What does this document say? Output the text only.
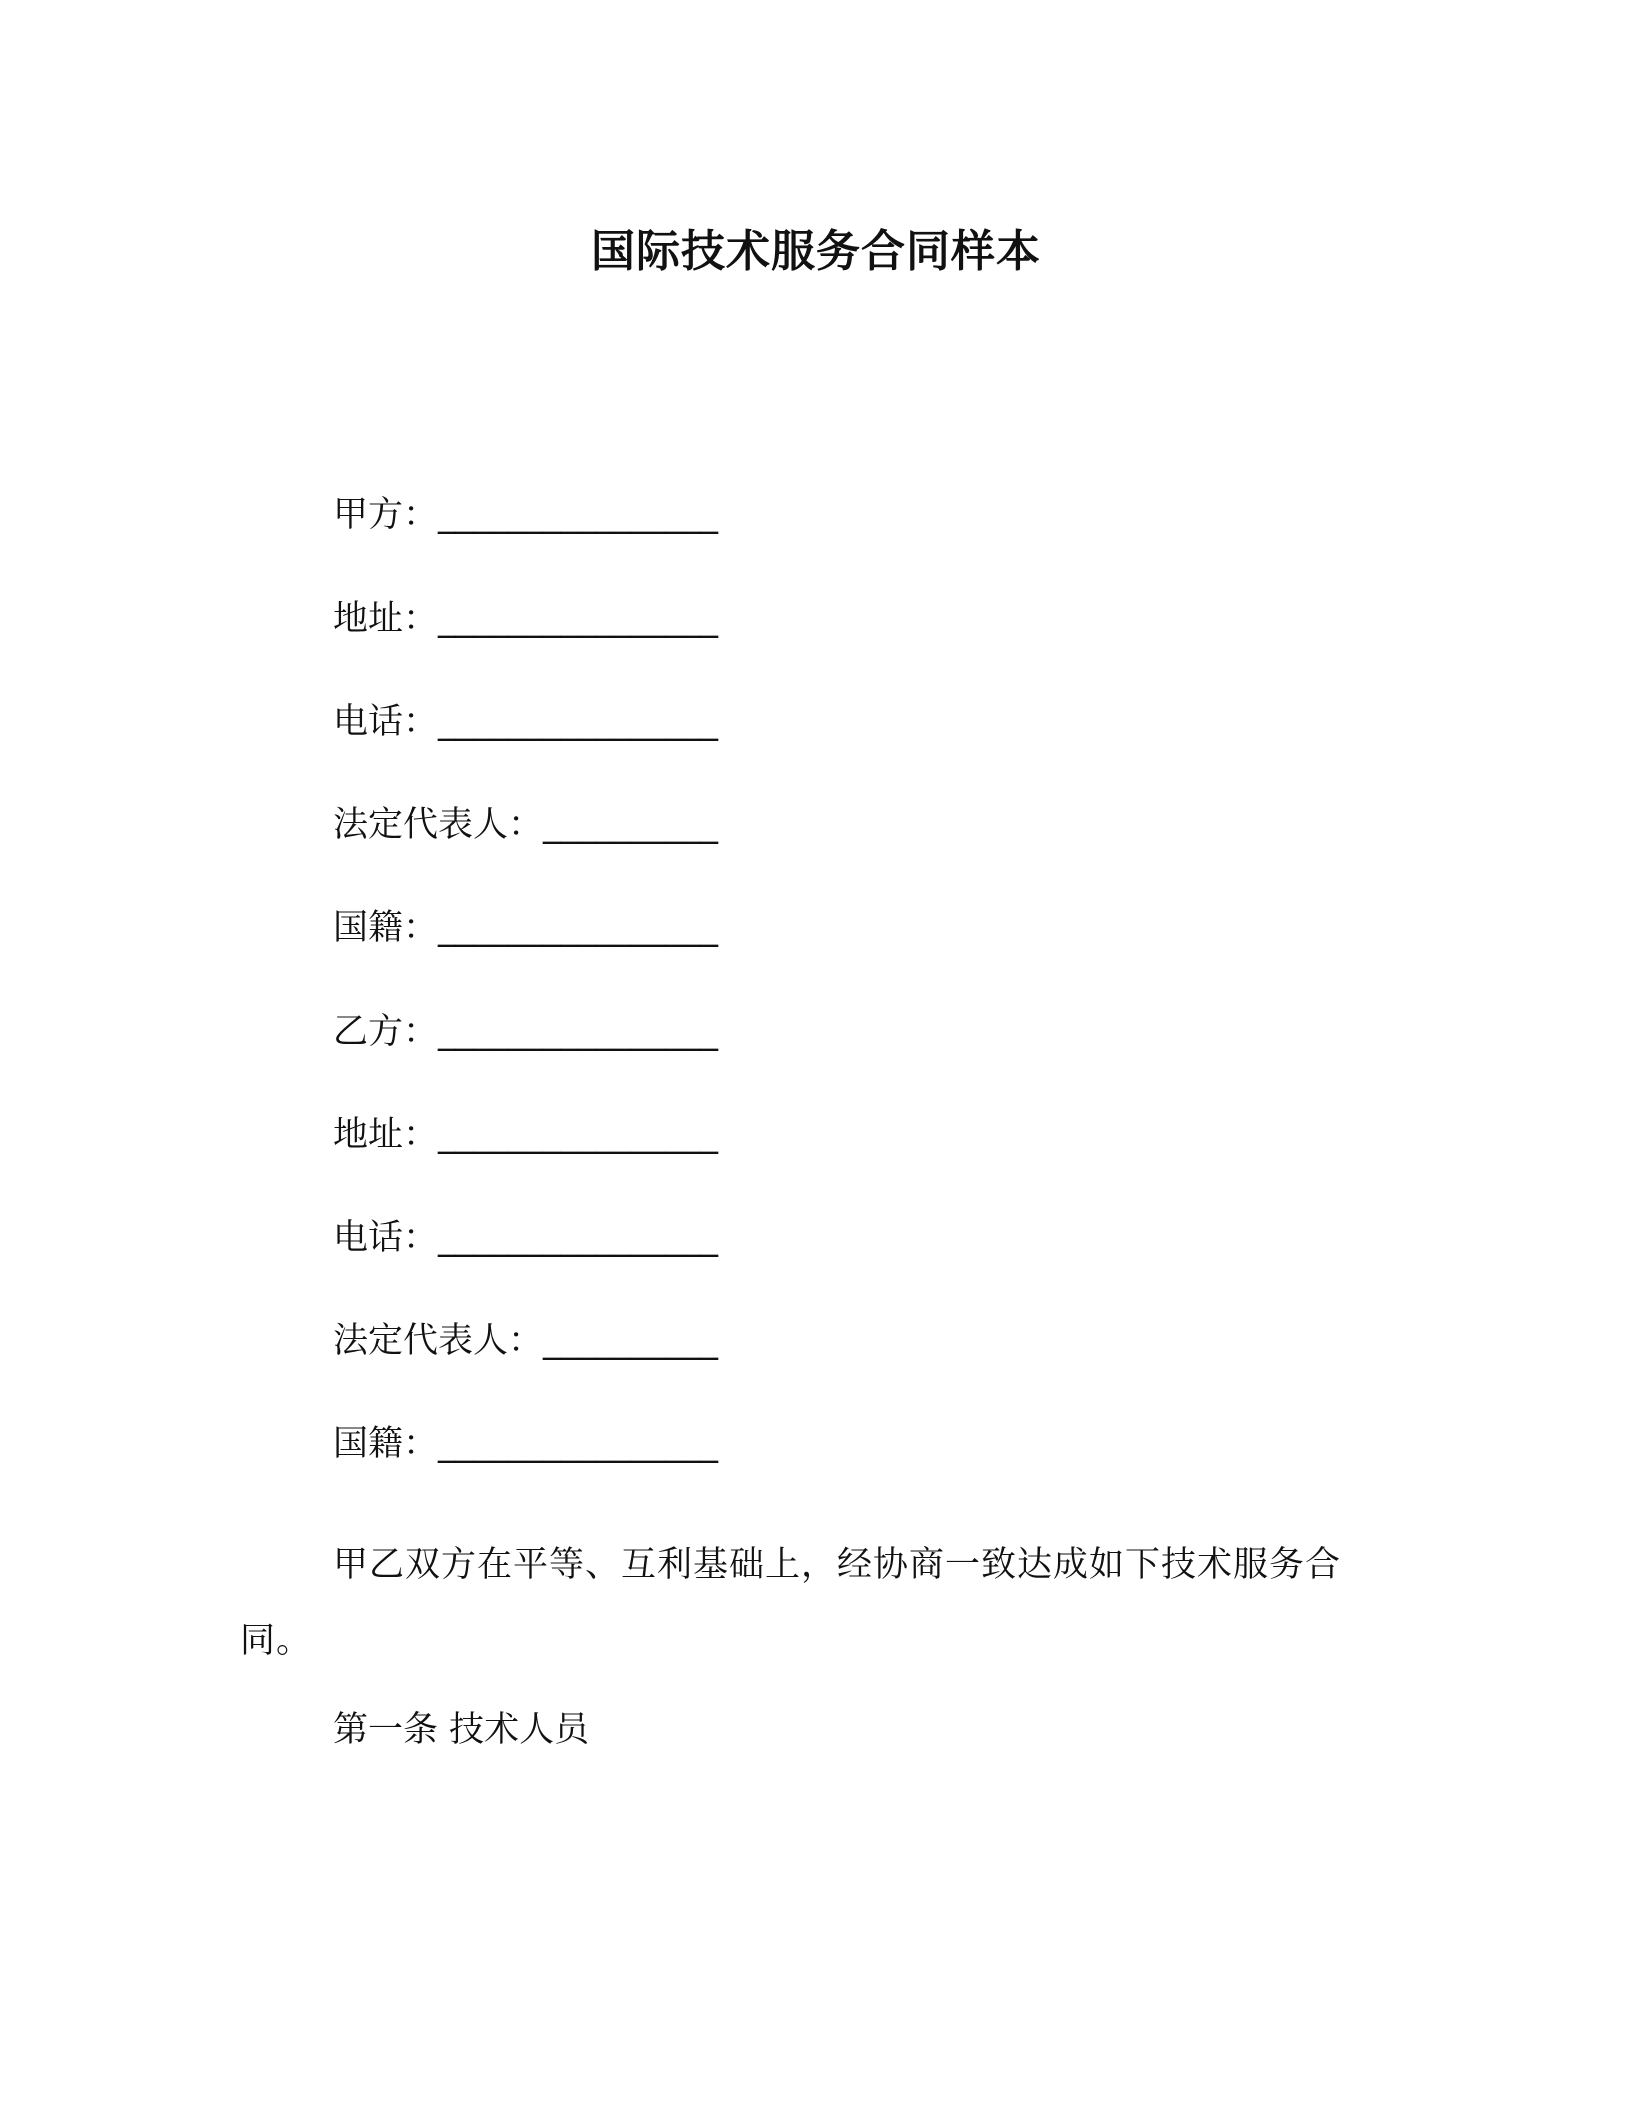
国际技术服务合同样本
甲方：________________
地址：________________
电话：________________
法定代表人：__________
国籍：________________
乙方：________________
地址：________________
电话：________________
法定代表人：__________
国籍：________________
甲乙双方在平等、互利基础上，经协商一致达成如下技术服务合同。
第一条 技术人员
